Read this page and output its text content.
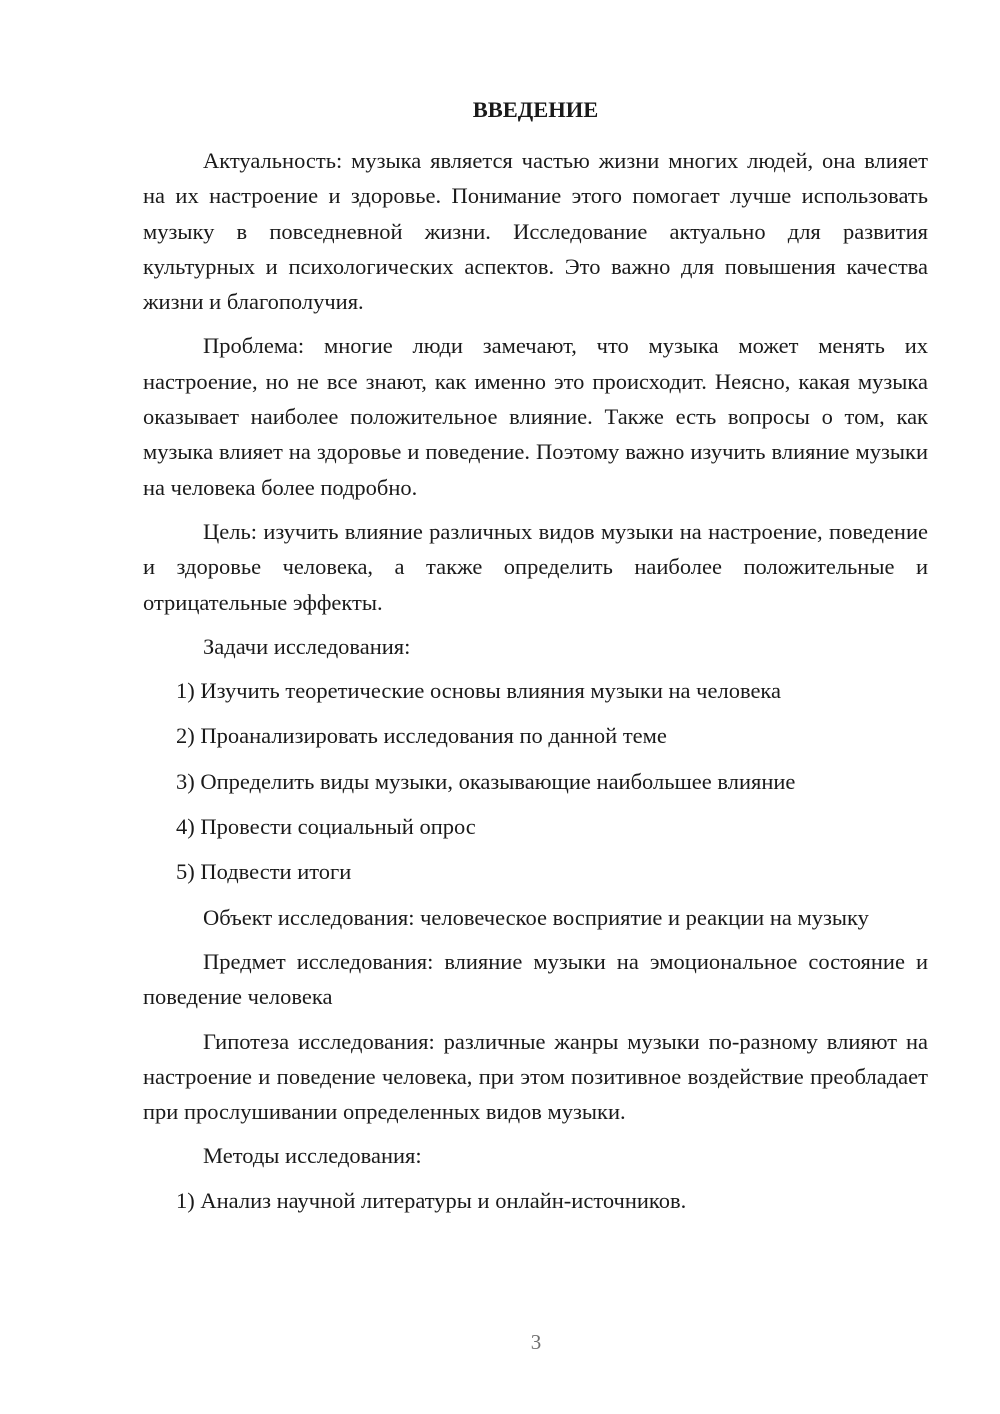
ВВЕДЕНИЕ

Актуальность: музыка является частью жизни многих людей, она влияет на их настроение и здоровье. Понимание этого помогает лучше использовать музыку в повседневной жизни. Исследование актуально для развития культурных и психологических аспектов. Это важно для повышения качества жизни и благополучия.

Проблема: многие люди замечают, что музыка может менять их настроение, но не все знают, как именно это происходит. Неясно, какая музыка оказывает наиболее положительное влияние. Также есть вопросы о том, как музыка влияет на здоровье и поведение. Поэтому важно изучить влияние музыки на человека более подробно.

Цель: изучить влияние различных видов музыки на настроение, поведение и здоровье человека, а также определить наиболее положительные и отрицательные эффекты.

Задачи исследования:

1) Изучить теоретические основы влияния музыки на человека
2) Проанализировать исследования по данной теме
3) Определить виды музыки, оказывающие наибольшее влияние
4) Провести социальный опрос
5) Подвести итоги

Объект исследования: человеческое восприятие и реакции на музыку

Предмет исследования: влияние музыки на эмоциональное состояние и поведение человека

Гипотеза исследования: различные жанры музыки по-разному влияют на настроение и поведение человека, при этом позитивное воздействие преобладает при прослушивании определенных видов музыки.

Методы исследования:

1) Анализ научной литературы и онлайн-источников.
3
